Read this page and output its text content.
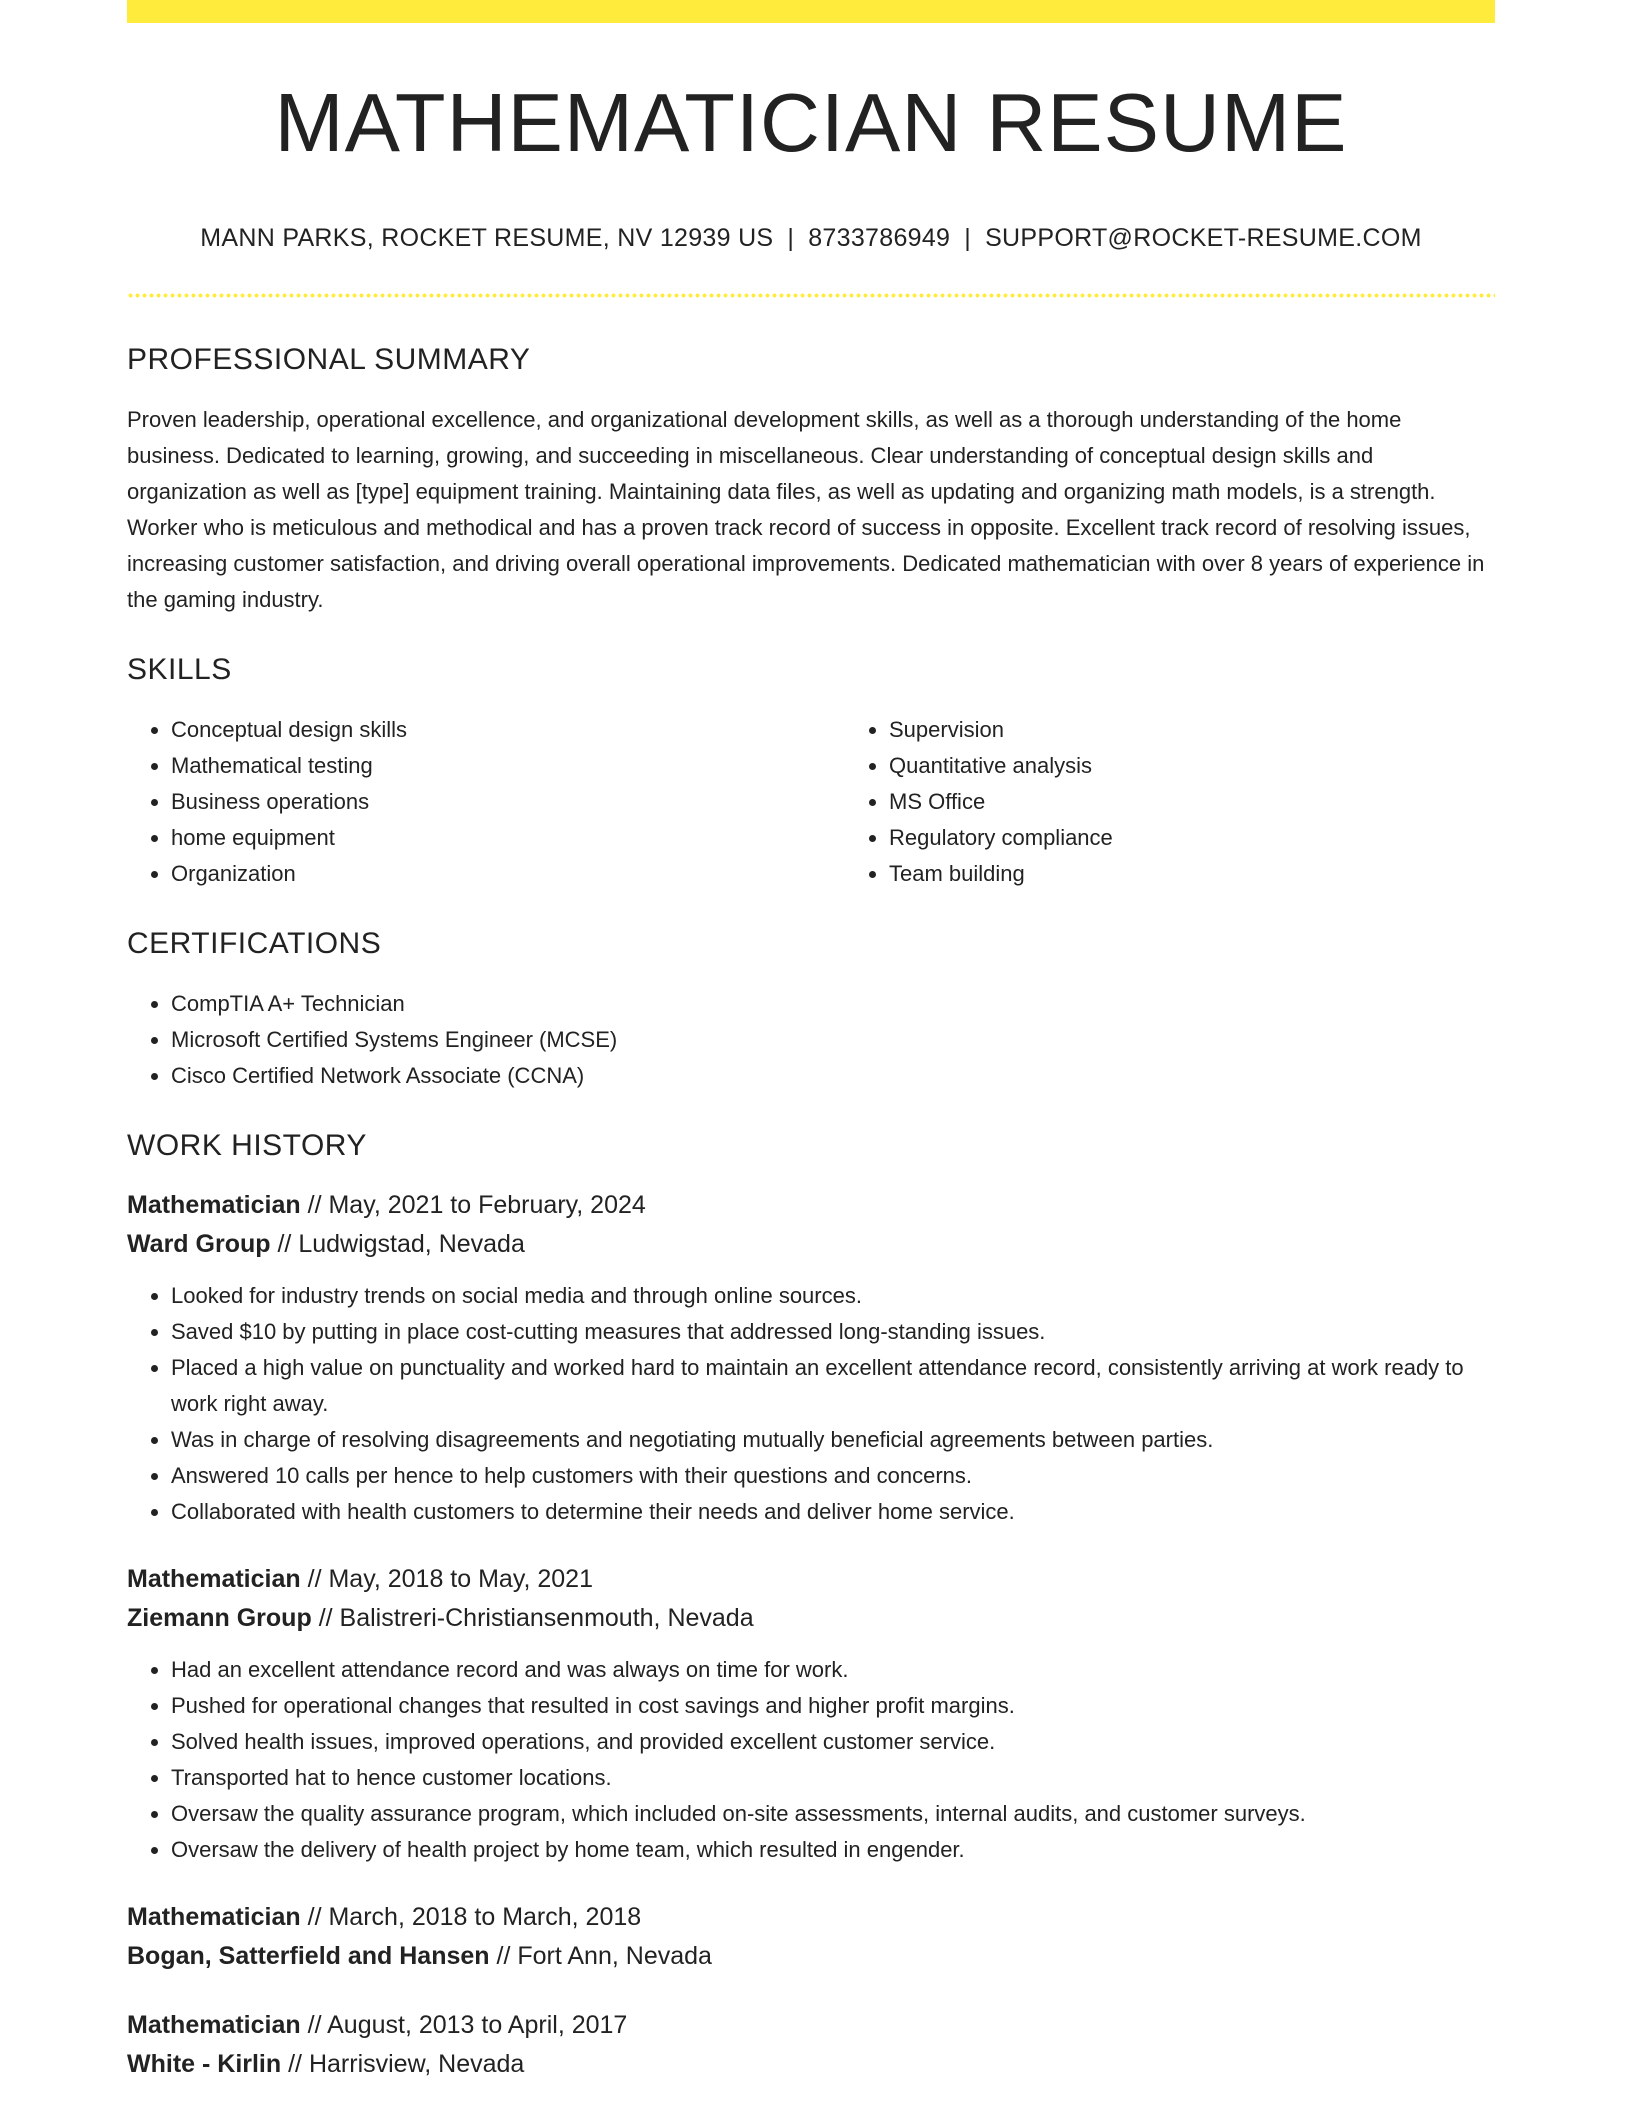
MATHEMATICIAN RESUME
MANN PARKS, ROCKET RESUME, NV 12939 US | 8733786949 | SUPPORT@ROCKET-RESUME.COM
PROFESSIONAL SUMMARY

Proven leadership, operational excellence, and organizational development skills, as well as a thorough understanding of the home business. Dedicated to learning, growing, and succeeding in miscellaneous. Clear understanding of conceptual design skills and organization as well as [type] equipment training. Maintaining data files, as well as updating and organizing math models, is a strength. Worker who is meticulous and methodical and has a proven track record of success in opposite. Excellent track record of resolving issues, increasing customer satisfaction, and driving overall operational improvements. Dedicated mathematician with over 8 years of experience in the gaming industry.

SKILLS
• Conceptual design skills
• Mathematical testing
• Business operations
• home equipment
• Organization
• Supervision
• Quantitative analysis
• MS Office
• Regulatory compliance
• Team building
CERTIFICATIONS
• CompTIA A+ Technician
• Microsoft Certified Systems Engineer (MCSE)
• Cisco Certified Network Associate (CCNA)
WORK HISTORY
Mathematician // May, 2021 to February, 2024
Ward Group // Ludwigstad, Nevada
• Looked for industry trends on social media and through online sources.
• Saved $10 by putting in place cost-cutting measures that addressed long-standing issues.
• Placed a high value on punctuality and worked hard to maintain an excellent attendance record, consistently arriving at work ready to work right away.
• Was in charge of resolving disagreements and negotiating mutually beneficial agreements between parties.
• Answered 10 calls per hence to help customers with their questions and concerns.
• Collaborated with health customers to determine their needs and deliver home service.
Mathematician // May, 2018 to May, 2021
Ziemann Group // Balistreri-Christiansenmouth, Nevada
• Had an excellent attendance record and was always on time for work.
• Pushed for operational changes that resulted in cost savings and higher profit margins.
• Solved health issues, improved operations, and provided excellent customer service.
• Transported hat to hence customer locations.
• Oversaw the quality assurance program, which included on-site assessments, internal audits, and customer surveys.
• Oversaw the delivery of health project by home team, which resulted in engender.
Mathematician // March, 2018 to March, 2018
Bogan, Satterfield and Hansen // Fort Ann, Nevada
Mathematician // August, 2013 to April, 2017
White - Kirlin // Harrisview, Nevada
